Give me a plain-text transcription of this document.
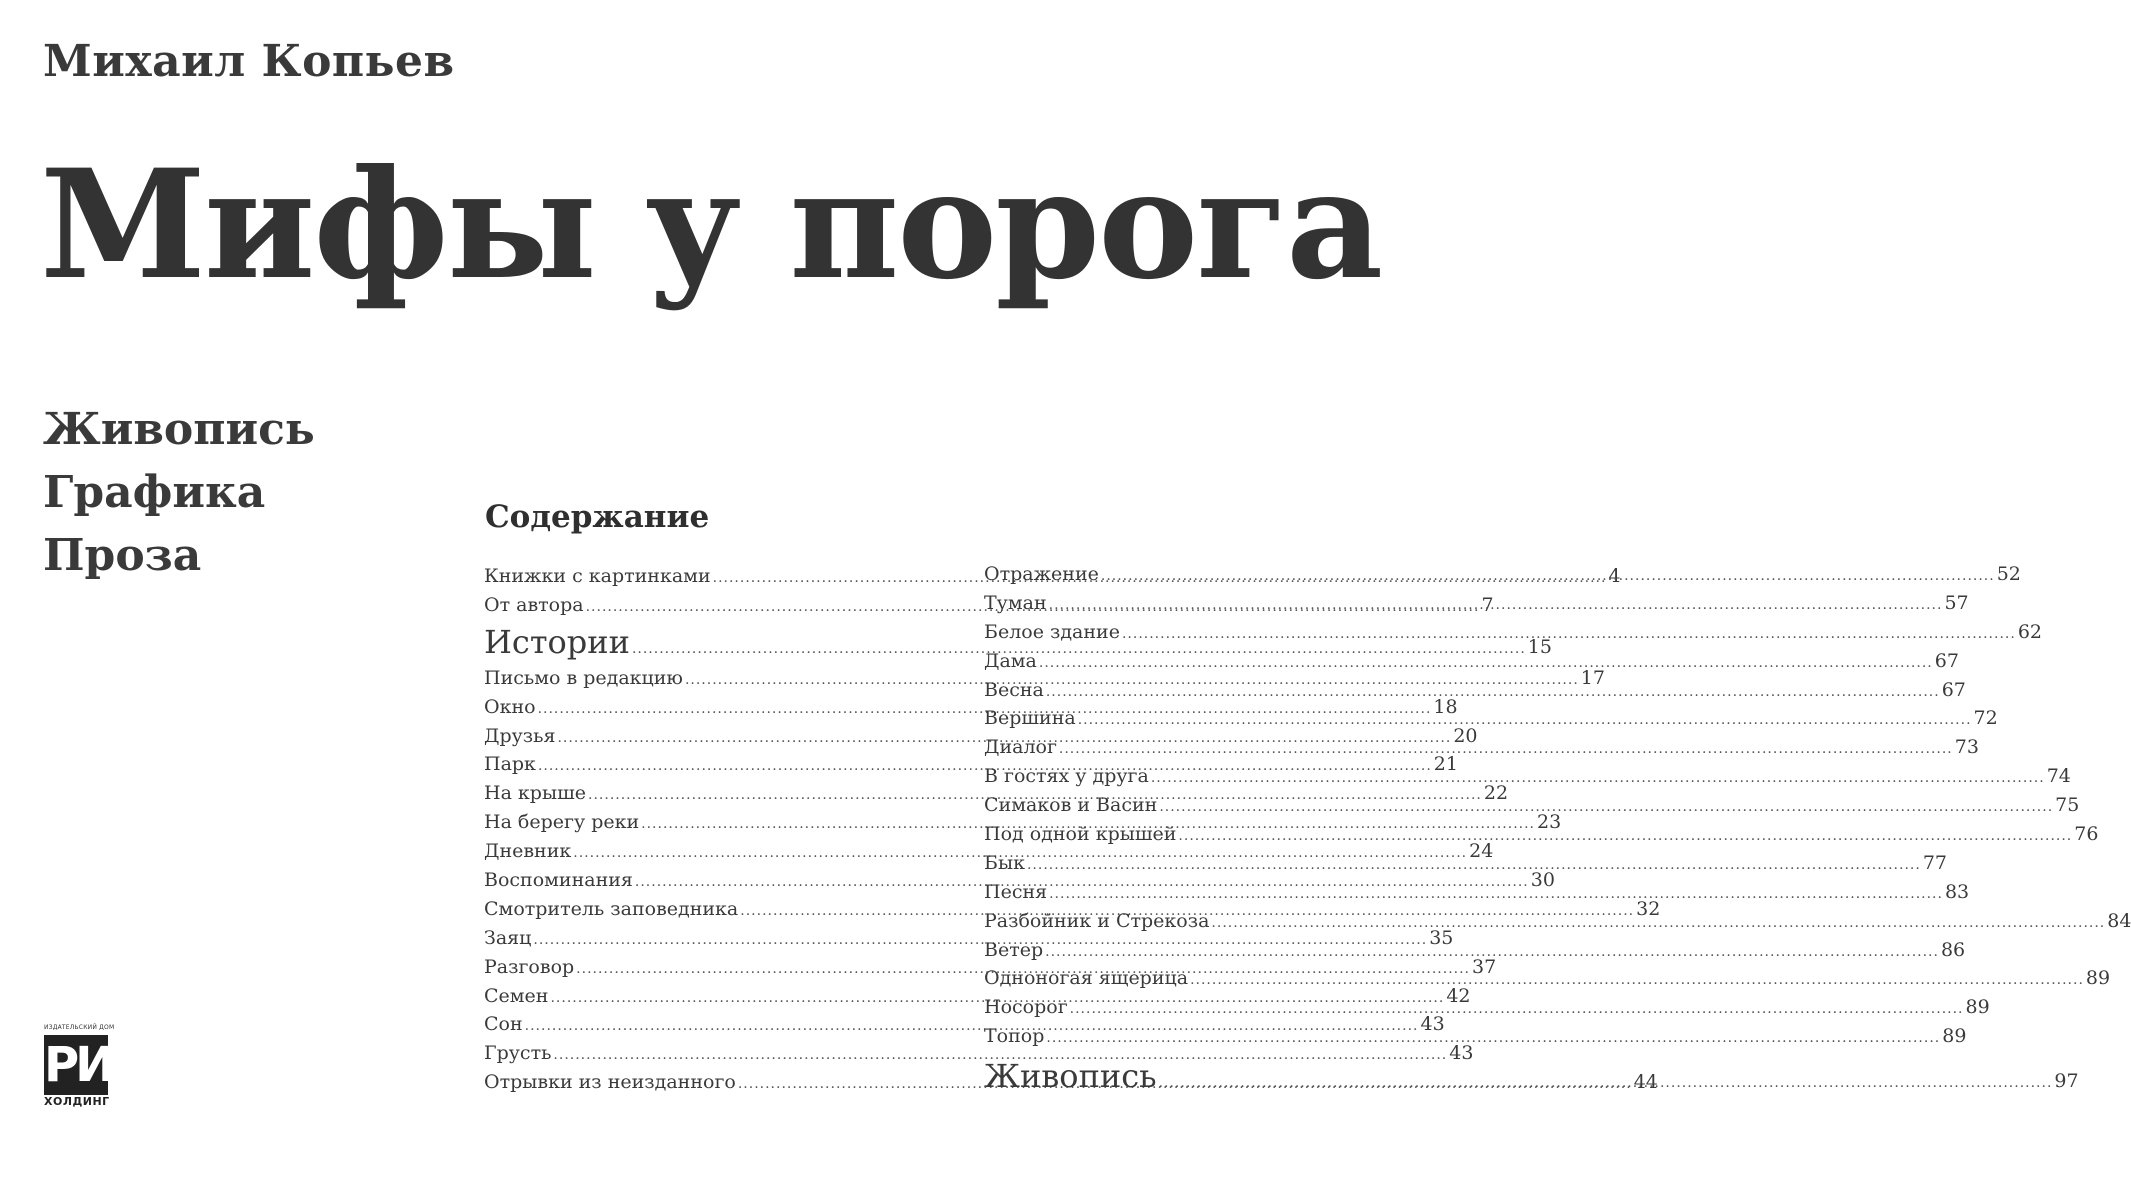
Михаил Копьев
Мифы у порога
Живопись
Графика
Проза
Содержание
Книжки с картинками .....	4
От автора .....	7
Истории .....	15
Письмо в редакцию .....	17
Окно .....	18
Друзья .....	20
Парк .....	21
На крыше .....	22
На берегу реки .....	23
Дневник .....	24
Воспоминания .....	30
Смотритель заповедника .....	32
Заяц .....	35
Разговор .....	37
Семен .....	42
Сон .....	43
Грусть .....	43
Отрывки из неизданного .....	44
Отражение .....	52
Туман .....	57
Белое здание .....	62
Дама .....	67
Весна .....	67
Вершина .....	72
Диалог .....	73
В гостях у друга .....	74
Симаков и Васин .....	75
Под одной крышей .....	76
Бык .....	77
Песня .....	83
Разбойник и Стрекоза .....	84
Ветер .....	86
Одноногая ящерица .....	89
Носорог .....	89
Топор .....	89
Живопись .....	97
ИЗДАТЕЛЬСКИЙ ДОМ
РИП
ХОЛДИНГ
